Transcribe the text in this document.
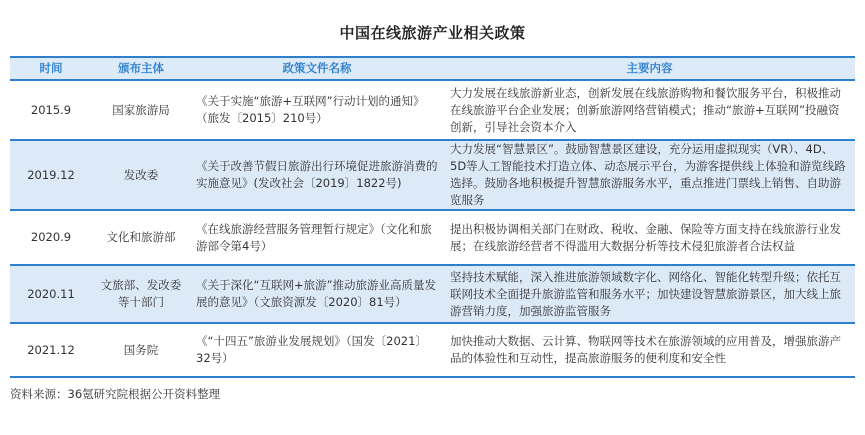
中国在线旅游产业相关政策
时间	颁布主体	政策文件名称	主要内容
2015.9	国家旅游局	《关于实施“旅游+互联网”行动计划的通知》（旅发〔2015〕210号）	大力发展在线旅游新业态，创新发展在线旅游购物和餐饮服务平台，积极推动在线旅游平台企业发展；创新旅游网络营销模式；推动“旅游+互联网”投融资创新，引导社会资本介入
2019.12	发改委	《关于改善节假日旅游出行环境促进旅游消费的实施意见》(发改社会〔2019〕1822号)	大力发展“智慧景区”。鼓励智慧景区建设，充分运用虚拟现实（VR）、4D、5D等人工智能技术打造立体、动态展示平台，为游客提供线上体验和游览线路选择。鼓励各地积极提升智慧旅游服务水平，重点推进门票线上销售、自助游览服务
2020.9	文化和旅游部	《在线旅游经营服务管理暂行规定》（文化和旅游部令第4号）	提出积极协调相关部门在财政、税收、金融、保险等方面支持在线旅游行业发展；在线旅游经营者不得滥用大数据分析等技术侵犯旅游者合法权益
2020.11	文旅部、发改委等十部门	《关于深化“互联网+旅游”推动旅游业高质量发展的意见》（文旅资源发〔2020〕81号）	坚持技术赋能，深入推进旅游领域数字化、网络化、智能化转型升级；依托互联网技术全面提升旅游监管和服务水平；加快建设智慧旅游景区，加大线上旅游营销力度，加强旅游监管服务
2021.12	国务院	《“十四五”旅游业发展规划》（国发〔2021〕32号）	加快推动大数据、云计算、物联网等技术在旅游领域的应用普及，增强旅游产品的体验性和互动性，提高旅游服务的便利度和安全性
资料来源：36氪研究院根据公开资料整理
